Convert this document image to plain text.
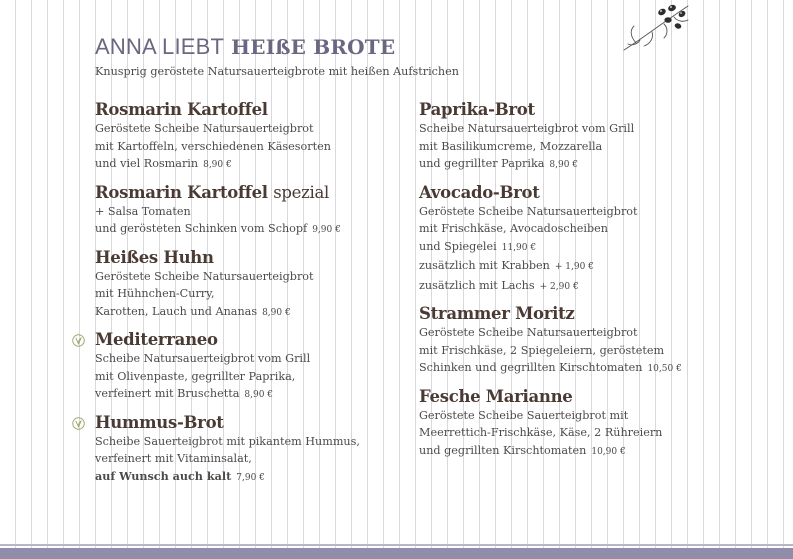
ANNA LIEBT HEIßE BROTE
Knusprig geröstete Natursauerteigbrote mit heißen Aufstrichen
Rosmarin Kartoffel
Geröstete Scheibe Natursauerteigbrot
mit Kartoffeln, verschiedenen Käsesorten
und viel Rosmarin 8,90 €
Rosmarin Kartoffel spezial
+ Salsa Tomaten
und gerösteten Schinken vom Schopf 9,90 €
Heißes Huhn
Geröstete Scheibe Natursauerteigbrot
mit Hühnchen-Curry,
Karotten, Lauch und Ananas 8,90 €
Mediterraneo
Scheibe Natursauerteigbrot vom Grill
mit Olivenpaste, gegrillter Paprika,
verfeinert mit Bruschetta 8,90 €
Hummus-Brot
Scheibe Sauerteigbrot mit pikantem Hummus,
verfeinert mit Vitaminsalat,
auf Wunsch auch kalt 7,90 €
Paprika-Brot
Scheibe Natursauerteigbrot vom Grill
mit Basilikumcreme, Mozzarella
und gegrillter Paprika 8,90 €
Avocado-Brot
Geröstete Scheibe Natursauerteigbrot
mit Frischkäse, Avocadoscheiben
und Spiegelei 11,90 €
zusätzlich mit Krabben + 1,90 €
zusätzlich mit Lachs + 2,90 €
Strammer Moritz
Geröstete Scheibe Natursauerteigbrot
mit Frischkäse, 2 Spiegeleiern, geröstetem
Schinken und gegrillten Kirschtomaten 10,50 €
Fesche Marianne
Geröstete Scheibe Sauerteigbrot mit
Meerrettich-Frischkäse, Käse, 2 Rühreiern
und gegrillten Kirschtomaten 10,90 €
